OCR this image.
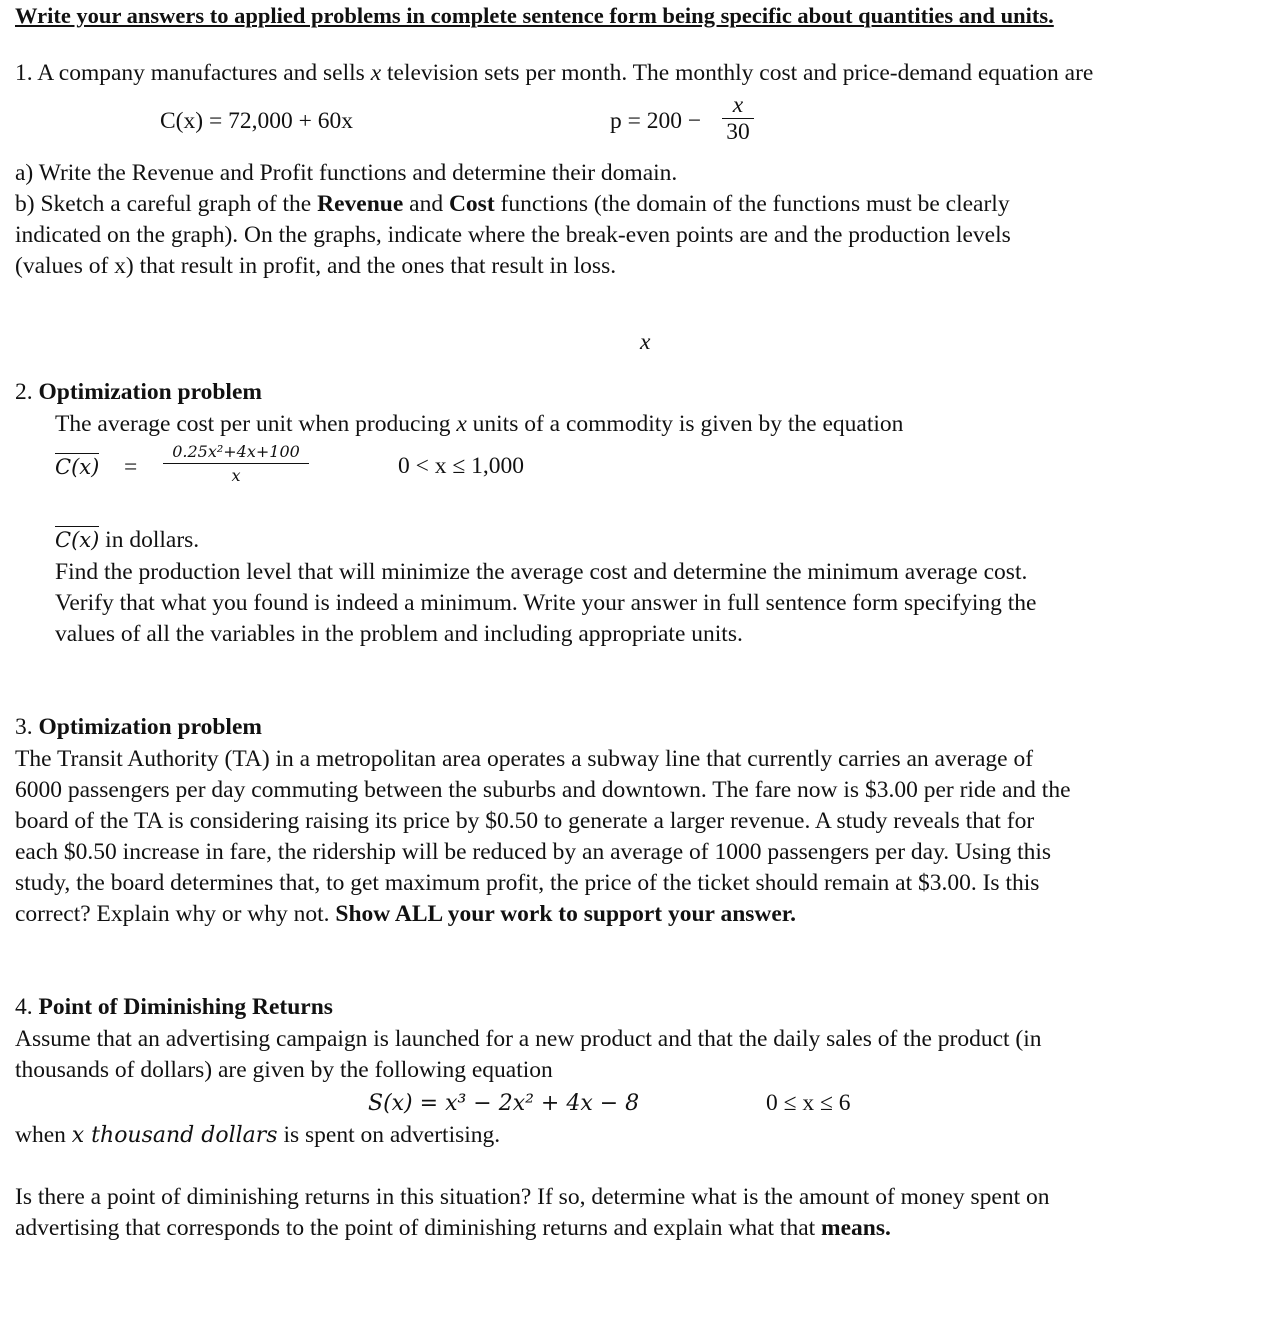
Write your answers to applied problems in complete sentence form being specific about quantities and units.
1. A company manufactures and sells x television sets per month. The monthly cost and price-demand equation are
C(x) = 72,000 + 60x	p = 200 −
x
30
a) Write the Revenue and Profit functions and determine their domain.
b) Sketch a careful graph of the Revenue and Cost functions (the domain of the functions must be clearly
indicated on the graph). On the graphs, indicate where the break-even points are and the production levels
(values of x) that result in profit, and the ones that result in loss.
x
2. Optimization problem
The average cost per unit when producing x units of a commodity is given by the equation
C(x) =
0.25x²+4x+100
x	0 < x ≤ 1,000
C(x) in dollars.
Find the production level that will minimize the average cost and determine the minimum average cost.
Verify that what you found is indeed a minimum. Write your answer in full sentence form specifying the
values of all the variables in the problem and including appropriate units.
3. Optimization problem
The Transit Authority (TA) in a metropolitan area operates a subway line that currently carries an average of
6000 passengers per day commuting between the suburbs and downtown. The fare now is $3.00 per ride and the
board of the TA is considering raising its price by $0.50 to generate a larger revenue. A study reveals that for
each $0.50 increase in fare, the ridership will be reduced by an average of 1000 passengers per day. Using this
study, the board determines that, to get maximum profit, the price of the ticket should remain at $3.00. Is this
correct? Explain why or why not. Show ALL your work to support your answer.
4. Point of Diminishing Returns
Assume that an advertising campaign is launched for a new product and that the daily sales of the product (in
thousands of dollars) are given by the following equation
S(x) = x³ − 2x² + 4x − 8	0 ≤ x ≤ 6
when x thousand dollars is spent on advertising.
Is there a point of diminishing returns in this situation? If so, determine what is the amount of money spent on
advertising that corresponds to the point of diminishing returns and explain what that means.
